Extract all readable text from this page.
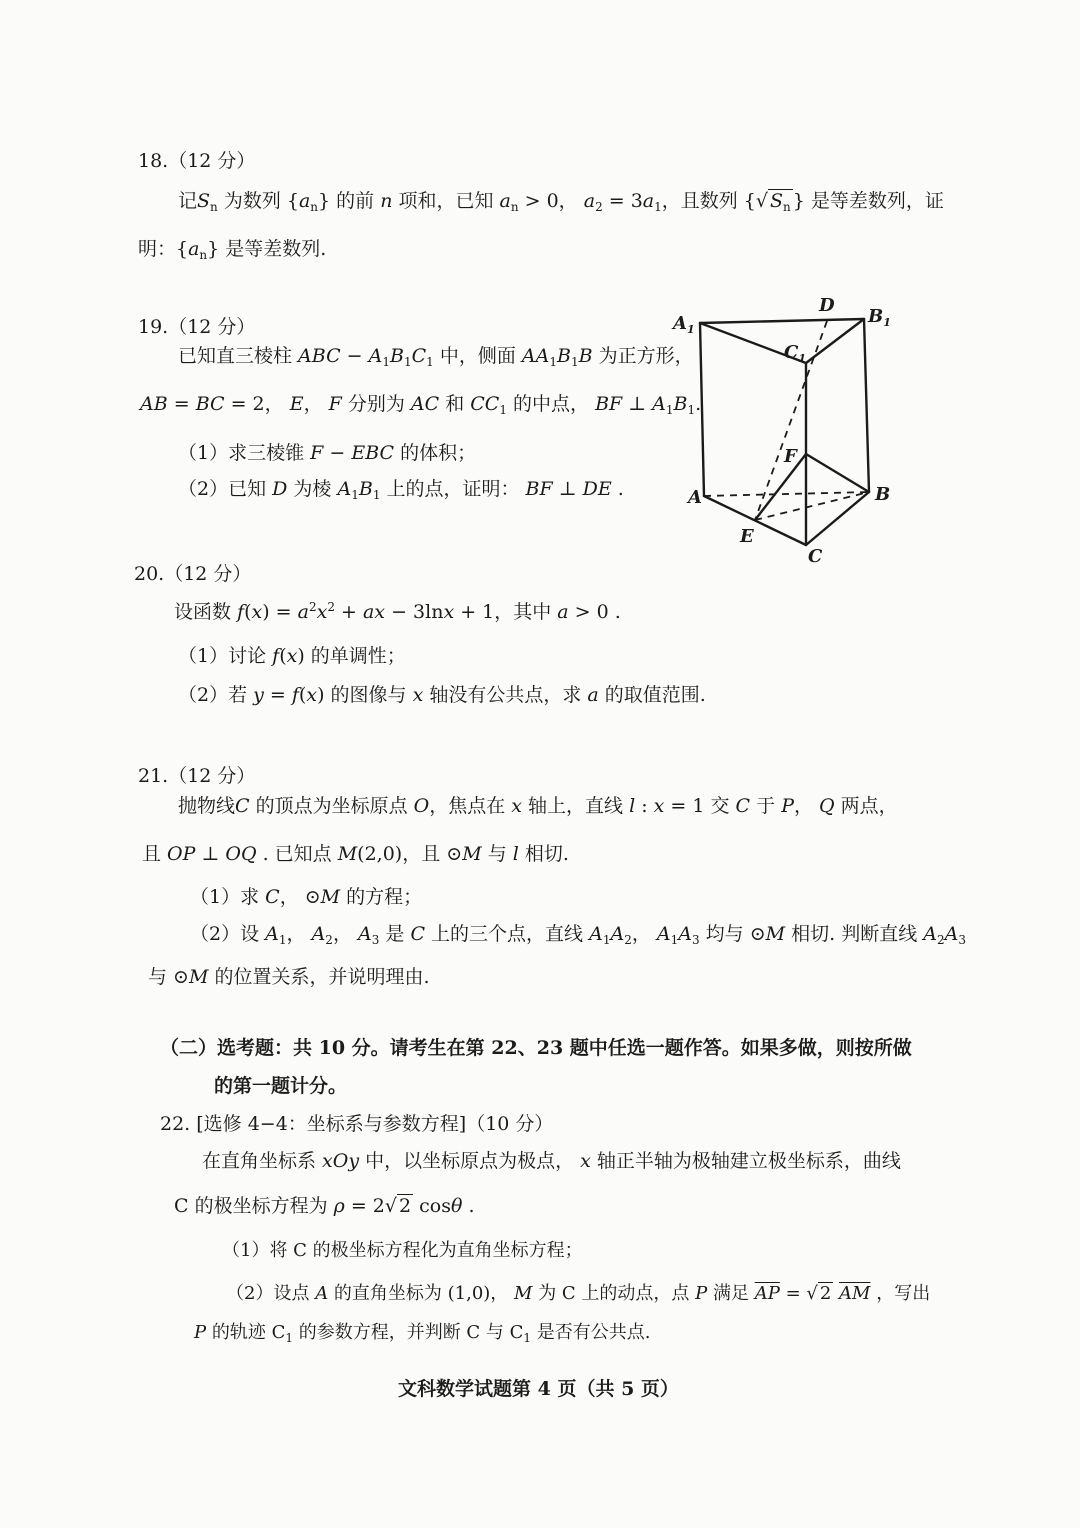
18.（12 分）
记$S_n$ 为数列 $\{a_n\}$ 的前 n 项和，已知 $a_n > 0$， $a_2 = 3a_1$，且数列 {√ $S_n$ } 是等差数列，证
明：$\{a_n\}$ 是等差数列.
19.（12 分）
已知直三棱柱 ABC − $A_1B_1C_1$ 中，侧面 $AA_1B_1B$ 为正方形，
AB = BC = 2， E， F 分别为 AC 和 $CC_1$ 的中点， BF ⊥ $A_1B_1$.
（1）求三棱锥 F − EBC 的体积；
（2）已知 D 为棱 $A_1B_1$ 上的点，证明： BF ⊥ DE .
$A_1$
D
$B_1$
$C_1$
F
A	B
E
C
20.（12 分）
设函数 $f(x) = a^2x^2$ + ax − 3lnx + 1，其中 a > 0 .
（1）讨论 f(x) 的单调性；
（2）若 y = f(x) 的图像与 x 轴没有公共点，求 a 的取值范围.
21.（12 分）
抛物线C 的顶点为坐标原点 O，焦点在 x 轴上，直线 l : x = 1 交 C 于 P， Q 两点，
且 OP ⊥ OQ . 已知点 M(2,0)，且 ⊙M 与 l 相切.
（1）求 C， ⊙M 的方程；
（2）设 $A_1$， $A_2$， $A_3$ 是 C 上的三个点，直线 $A_1A_2$， $A_1A_3$ 均与 ⊙M 相切. 判断直线 $A_2A_3$
与 ⊙M 的位置关系，并说明理由.
（二）选考题：共 10 分。请考生在第 22、23 题中任选一题作答。如果多做，则按所做
的第一题计分。
22. [选修 4−4：坐标系与参数方程]（10 分）
在直角坐标系 xOy 中，以坐标原点为极点， x 轴正半轴为极轴建立极坐标系，曲线
C 的极坐标方程为 ρ = 2√ 2 cosθ .
（1）将 C 的极坐标方程化为直角坐标方程；
（2）设点 A 的直角坐标为 (1,0)， M 为 C 上的动点，点 P 满足 $\overline{AP}$ = √ 2 $\overline{AM}$ ，写出
P 的轨迹 $C_1$ 的参数方程，并判断 C 与 $C_1$ 是否有公共点.
文科数学试题第 4 页（共 5 页）
